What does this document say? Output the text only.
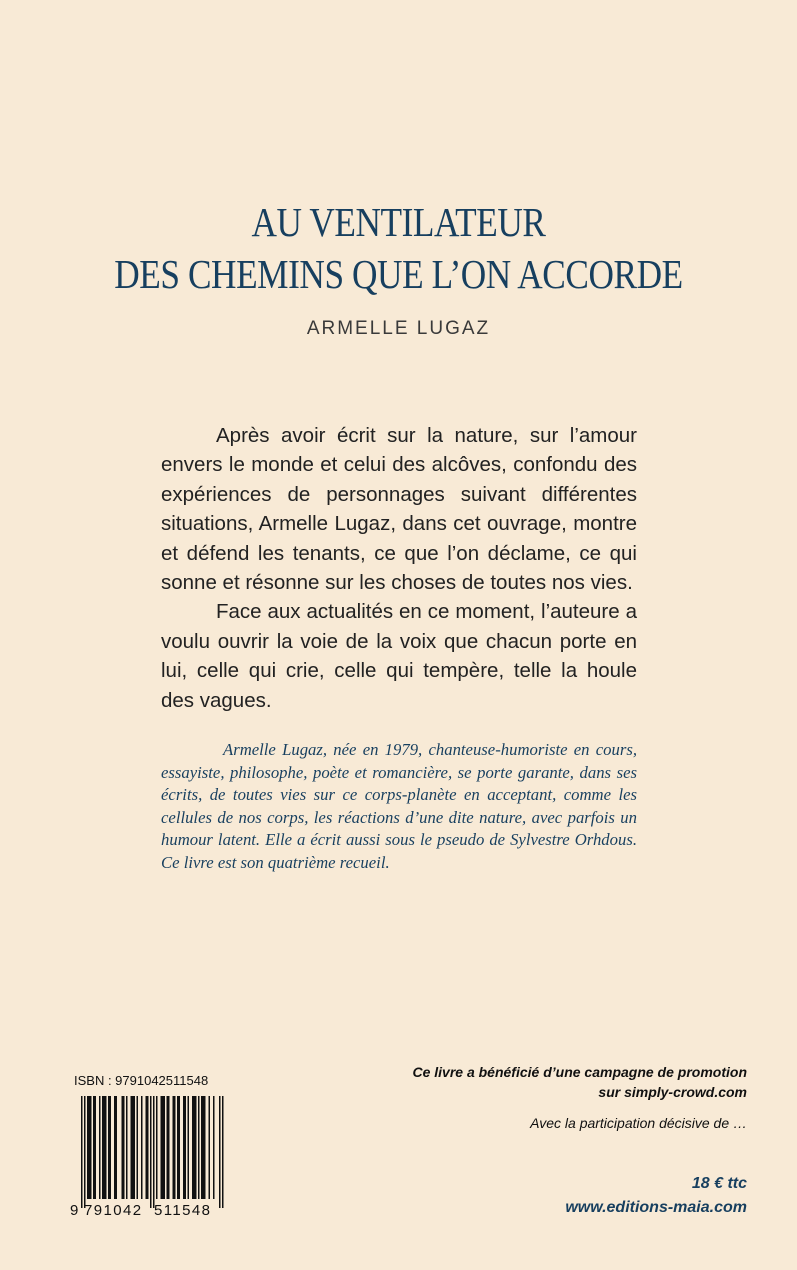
AU VENTILATEUR
DES CHEMINS QUE L’ON ACCORDE
ARMELLE LUGAZ

Après avoir écrit sur la nature, sur l’amour envers le monde et celui des alcôves, confondu des expériences de personnages suivant différentes situations, Armelle Lugaz, dans cet ouvrage, montre et défend les tenants, ce que l’on déclame, ce qui sonne et résonne sur les choses de toutes nos vies.

Face aux actualités en ce moment, l’auteure a voulu ouvrir la voie de la voix que chacun porte en lui, celle qui crie, celle qui tempère, telle la houle des vagues.

Armelle Lugaz, née en 1979, chanteuse-humoriste en cours, essayiste, philosophe, poète et romancière, se porte garante, dans ses écrits, de toutes vies sur ce corps-planète en acceptant, comme les cellules de nos corps, les réactions d’une dite nature, avec parfois un humour latent. Elle a écrit aussi sous le pseudo de Sylvestre Orhdous. Ce livre est son quatrième recueil.

ISBN : 9791042511548
9 791042 511548
Ce livre a bénéficié d’une campagne de promotion
sur simply-crowd.com
Avec la participation décisive de …
18 € ttc
www.editions-maia.com
